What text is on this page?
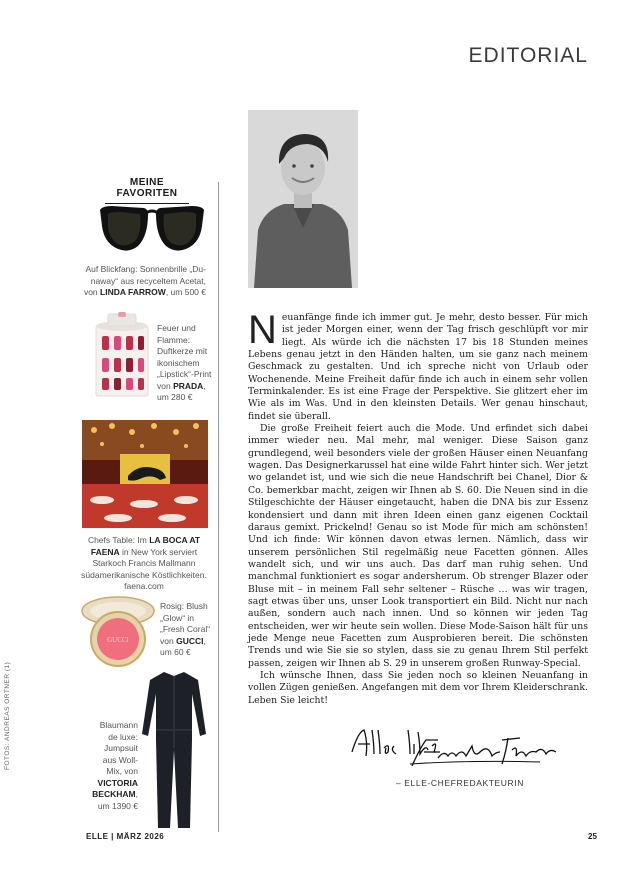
EDITORIAL
MEINE FAVORITEN
Auf Blickfang: Sonnenbrille „Du-naway“ aus recyceltem Acetat, von LINDA FARROW, um 500 €
Feuer und Flamme: Duftkerze mit ikonischem „Lipstick“-Print von PRADA, um 280 €
Chefs Table: Im LA BOCA AT FAENA in New York serviert Starkoch Francis Mallmann südamerikanische Köstlichkeiten. faena.com
GUCCI
Rosig: Blush „Glow“ in „Fresh Coral“ von GUCCI, um 60 €
Blaumann de luxe: Jumpsuit aus Woll-Mix, von VICTORIA BECKHAM, um 1390 €
FOTOS: ANDREAS ORTNER (1)

Neuanfänge finde ich immer gut. Je mehr, desto besser. Für mich ist jeder Morgen einer, wenn der Tag frisch geschlüpft vor mir liegt. Als würde ich die nächsten 17 bis 18 Stunden meines Lebens genau jetzt in den Händen halten, um sie ganz nach meinem Geschmack zu gestalten. Und ich spreche nicht von Urlaub oder Wochenende. Meine Freiheit dafür finde ich auch in einem sehr vollen Terminkalender. Es ist eine Frage der Perspektive. Sie glitzert eher im Wie als im Was. Und in den kleinsten Details. Wer genau hinschaut, findet sie überall.

Die große Freiheit feiert auch die Mode. Und erfindet sich dabei immer wieder neu. Mal mehr, mal weniger. Diese Saison ganz grundlegend, weil besonders viele der großen Häuser einen Neuanfang wagen. Das Designerkarussel hat eine wilde Fahrt hinter sich. Wer jetzt wo gelandet ist, und wie sich die neue Handschrift bei Chanel, Dior & Co. bemerkbar macht, zeigen wir Ihnen ab S. 60. Die Neuen sind in die Stilgeschichte der Häuser eingetaucht, haben die DNA bis zur Essenz kondensiert und dann mit ihren Ideen einen ganz eigenen Cocktail daraus gemixt. Prickelnd! Genau so ist Mode für mich am schönsten! Und ich finde: Wir können davon etwas lernen. Nämlich, dass wir unserem persönlichen Stil regelmäßig neue Facetten gönnen. Alles wandelt sich, und wir uns auch. Das darf man ruhig sehen. Und manchmal funktioniert es sogar andersherum. Ob strenger Blazer oder Bluse mit – in meinem Fall sehr seltener – Rüsche … was wir tragen, sagt etwas über uns, unser Look transportiert ein Bild. Nicht nur nach außen, sondern auch nach innen. Und so können wir jeden Tag entscheiden, wer wir heute sein wollen. Diese Mode-Saison hält für uns jede Menge neue Facetten zum Ausprobieren bereit. Die schönsten Trends und wie Sie sie so stylen, dass sie zu genau Ihrem Stil perfekt passen, zeigen wir Ihnen ab S. 29 in unserem großen Runway-Special.

Ich wünsche Ihnen, dass Sie jeden noch so kleinen Neuanfang in vollen Zügen genießen. Angefangen mit dem vor Ihrem Kleiderschrank. Leben Sie leicht!

– ELLE-CHEFREDAKTEURIN
ELLE | MÄRZ 2026	25
